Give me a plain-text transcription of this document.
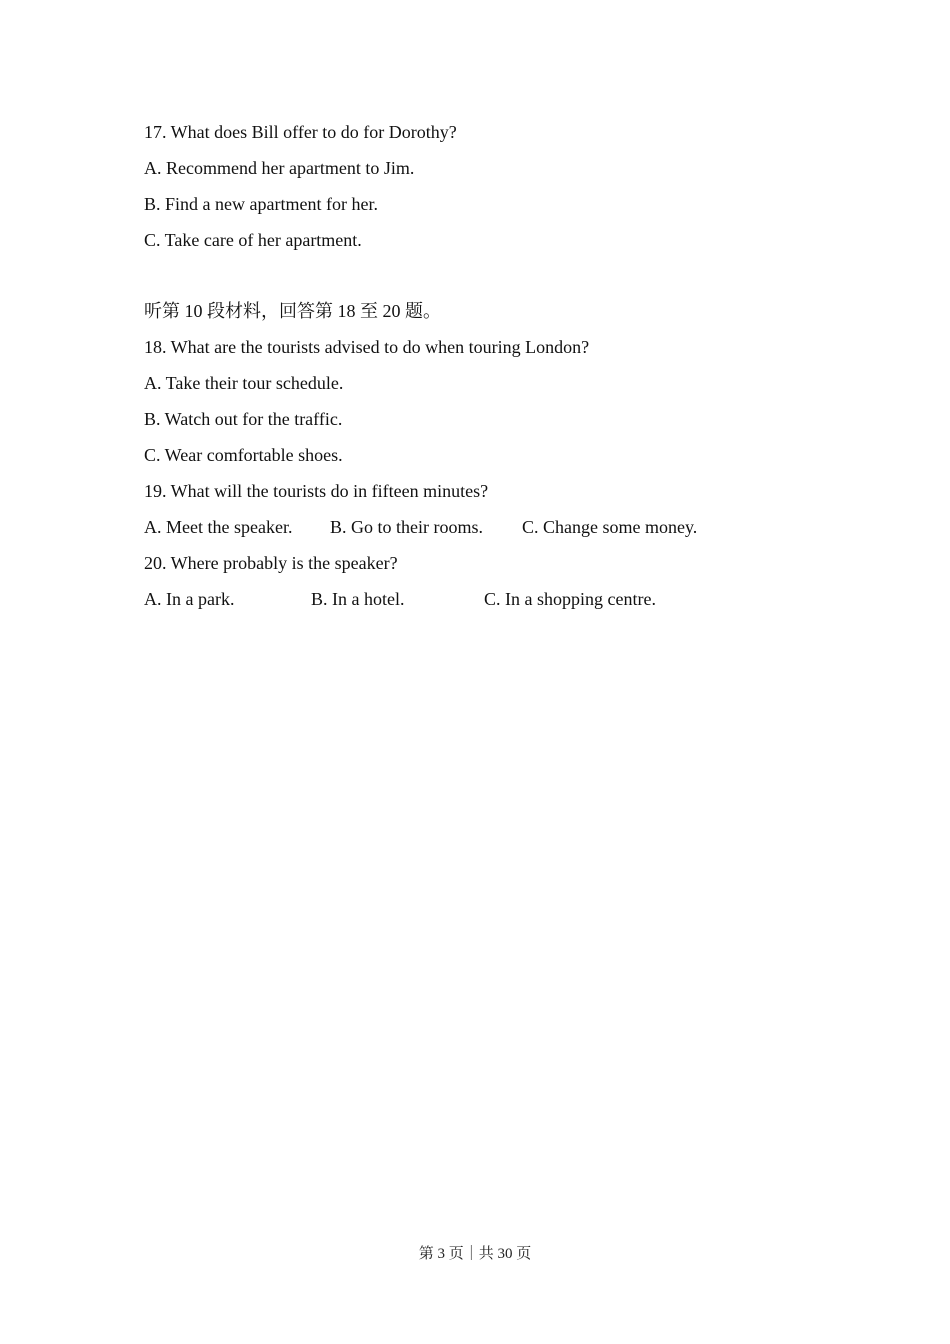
17. What does Bill offer to do for Dorothy?
A. Recommend her apartment to Jim.
B. Find a new apartment for her.
C. Take care of her apartment.
听第 10 段材料，回答第 18 至 20 题。
18. What are the tourists advised to do when touring London?
A. Take their tour schedule.
B. Watch out for the traffic.
C. Wear comfortable shoes.
19. What will the tourists do in fifteen minutes?
A. Meet the speaker. B. Go to their rooms. C. Change some money.
20. Where probably is the speaker?
A. In a park.	B. In a hotel.	C. In a shopping centre.
第 3 页｜共 30 页
